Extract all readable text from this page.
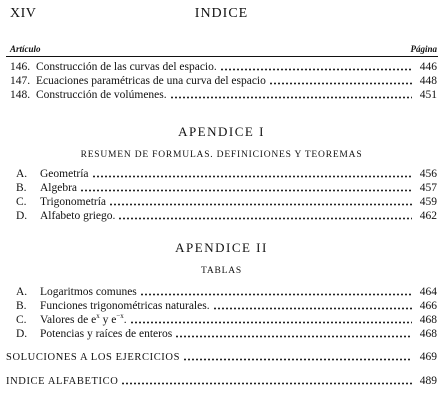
XIV	INDICE
Artículo	Página
146. Construcción de las curvas del espacio.	446
147. Ecuaciones paramétricas de una curva del espacio	448
148. Construcción de volúmenes.	451
APENDICE I
RESUMEN DE FORMULAS. DEFINICIONES Y TEOREMAS
A.	Geometría	456
B.	Algebra	457
C.	Trigonometría	459
D.	Alfabeto griego.	462
APENDICE II
TABLAS
A.	Logaritmos comunes	464
B.	Funciones trigonométricas naturales.	466
C.	Valores de $e^x$ y $e^{-x}$.	468
D.	Potencias y raíces de enteros	468
SOLUCIONES A LOS EJERCICIOS	469
INDICE ALFABETICO	489
